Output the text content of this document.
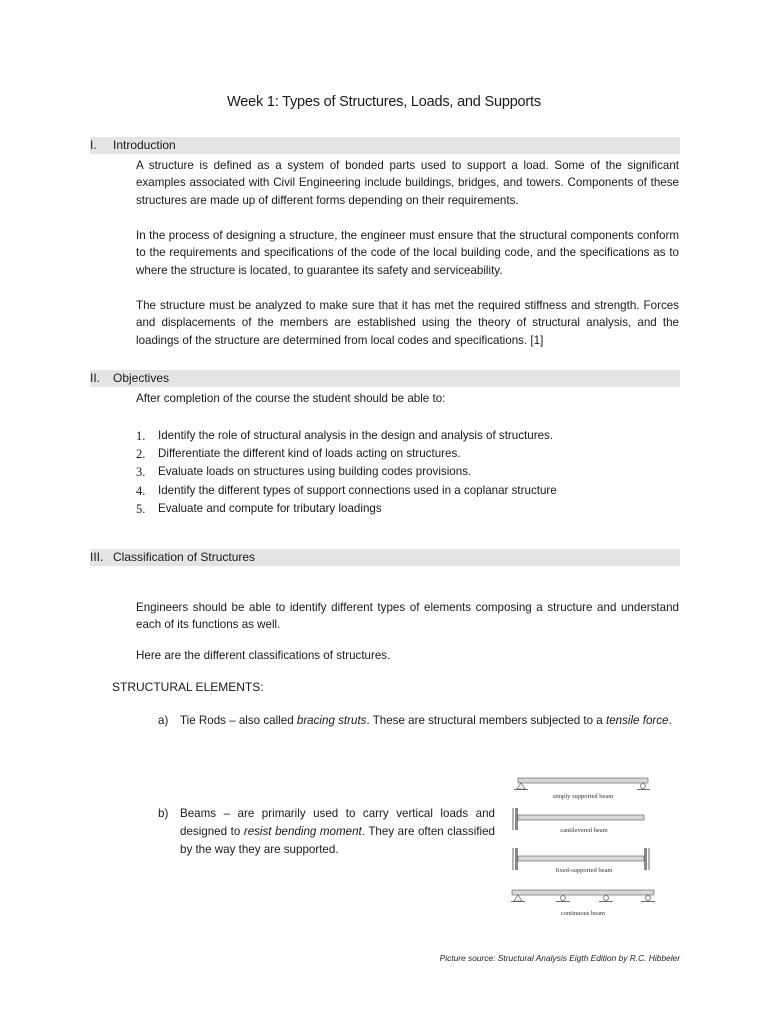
Week 1: Types of Structures, Loads, and Supports
I. Introduction

A structure is defined as a system of bonded parts used to support a load. Some of the significant examples associated with Civil Engineering include buildings, bridges, and towers. Components of these structures are made up of different forms depending on their requirements.

In the process of designing a structure, the engineer must ensure that the structural components conform to the requirements and specifications of the code of the local building code, and the specifications as to where the structure is located, to guarantee its safety and serviceability.

The structure must be analyzed to make sure that it has met the required stiffness and strength. Forces and displacements of the members are established using the theory of structural analysis, and the loadings of the structure are determined from local codes and specifications. [1]

II. Objectives

After completion of the course the student should be able to:

1. Identify the role of structural analysis in the design and analysis of structures.
2. Differentiate the different kind of loads acting on structures.
3. Evaluate loads on structures using building codes provisions.
4. Identify the different types of support connections used in a coplanar structure
5. Evaluate and compute for tributary loadings
III. Classification of Structures

Engineers should be able to identify different types of elements composing a structure and understand each of its functions as well.

Here are the different classifications of structures.

STRUCTURAL ELEMENTS:
a) Tie Rods – also called bracing struts. These are structural members subjected to a tensile force.
b) Beams – are primarily used to carry vertical loads and designed to resist bending moment. They are often classified by the way they are supported.
simply supported beam
cantilevered beam
fixed-supported beam
continuous beam
Picture source: Structural Analysis Eigth Edition by R.C. Hibbeler
